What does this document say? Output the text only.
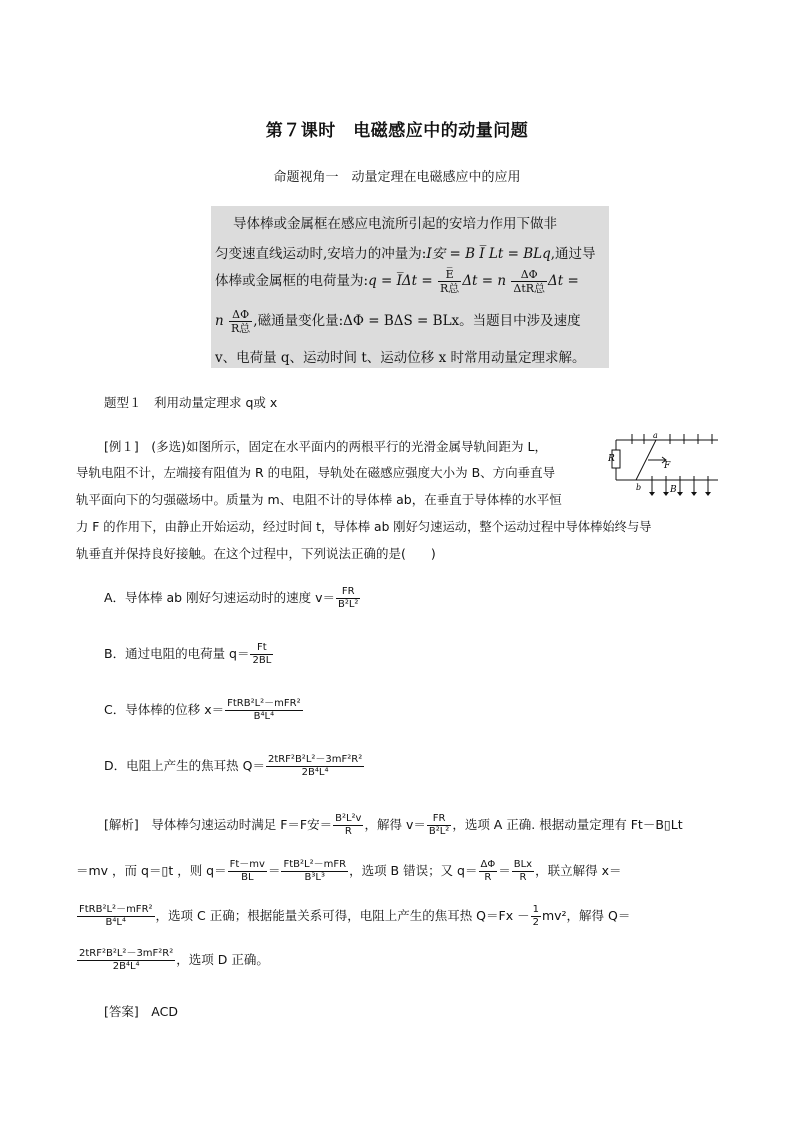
第７课时　电磁感应中的动量问题
命题视角一　动量定理在电磁感应中的应用
导体棒或金属框在感应电流所引起的安培力作用下做非
匀变速直线运动时,安培力的冲量为:I安 = B I̅ Lt = BLq,通过导
体棒或金属框的电荷量为:q = I̅Δt = $\frac{E̅}{\text{R总}}$ Δt = n $\frac{\Delta\Phi}{\text{ΔtR总}}$ Δt =
n $\frac{\Delta\Phi}{\text{R总}}$ ,磁通量变化量:ΔΦ = BΔS = BLx。当题目中涉及速度
v、电荷量 q、运动时间 t、运动位移 x 时常用动量定理求解。
题型１　利用动量定理求 q或 x
[例１]　(多选)如图所示，固定在水平面内的两根平行的光滑金属导轨间距为 L，
导轨电阻不计，左端接有阻值为 R 的电阻，导轨处在磁感应强度大小为 B、方向垂直导
轨平面向下的匀强磁场中。质量为 m、电阻不计的导体棒 ab，在垂直于导体棒的水平恒
力 F 的作用下，由静止开始运动，经过时间 t，导体棒 ab 刚好匀速运动，整个运动过程中导体棒始终与导
轨垂直并保持良好接触。在这个过程中，下列说法正确的是(　　)
a
b
R
F
B
A．导体棒 ab 刚好匀速运动时的速度 $v= \frac{FR}{\text{B²L²}}$
B．通过电阻的电荷量 $q= \frac{Ft}{2BL}$
C．导体棒的位移 $x= \frac{\text{FtRB²L²－mFR²}}{\text{B⁴L⁴}}$
D．电阻上产生的焦耳热 $Q= \frac{\text{2tRF²B²L²－3mF²R²}}{\text{2B⁴L⁴}}$
[解析]　导体棒匀速运动时满足 F＝F安＝ $\frac{\text{B²L²v}}{R}$ ，解得 $v= \frac{FR}{\text{B²L²}}$ ，选项 A 正确. 根据动量定理有 Ft－B▯Lt
＝mv ，而 q＝▯t ，则 $q= \frac{Ft-mv}{BL} = \frac{\text{FtB²L²－mFR}}{\text{B³L³}}$ ，选项 B 错误；又 $q= \frac{\Delta\Phi}{R} = \frac{\text{BLx}}{R}$ ，联立解得 x＝
$\frac{\text{FtRB²L²－mFR²}}{\text{B⁴L⁴}}$ ，选项 C 正确；根据能量关系可得，电阻上产生的焦耳热 $Q=Fx - \frac{1}{2} mv^2$，解得 Q＝
$\frac{\text{2tRF²B²L²－3mF²R²}}{\text{2B⁴L⁴}}$ ，选项 D 正确。
[答案]　ACD
